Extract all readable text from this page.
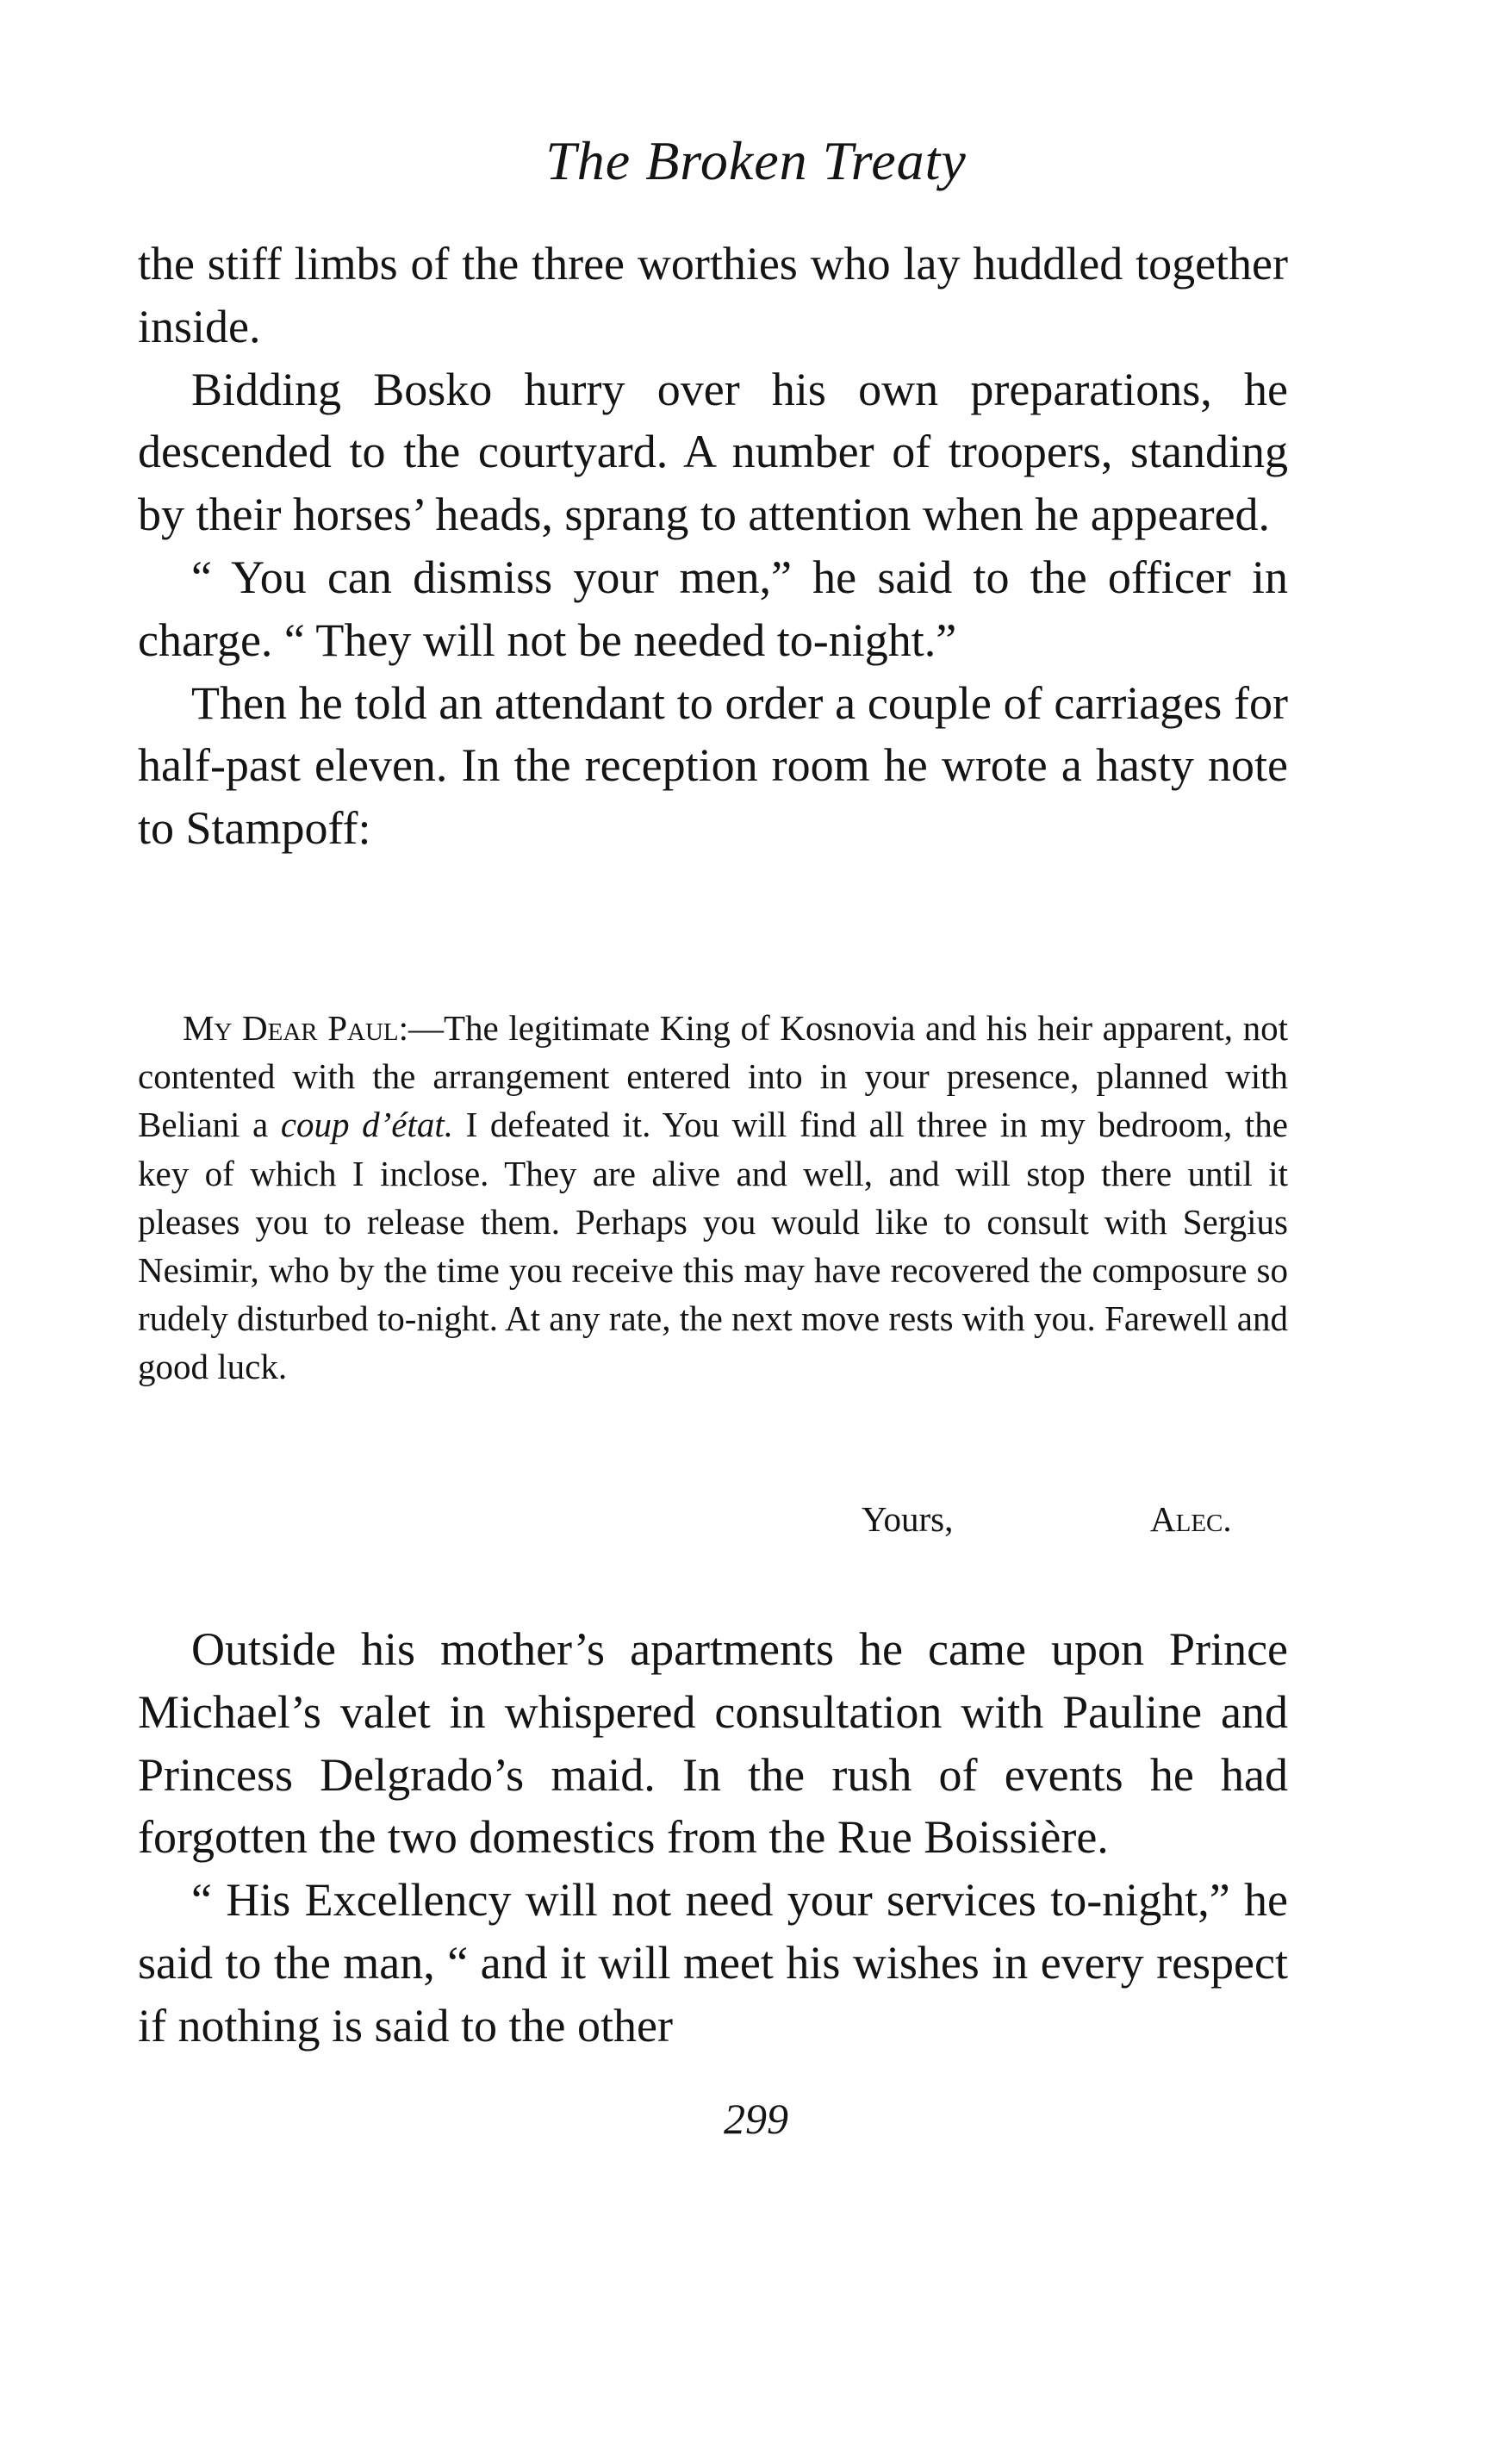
The Broken Treaty

the stiff limbs of the three worthies who lay huddled together inside.

Bidding Bosko hurry over his own preparations, he descended to the courtyard. A number of troopers, standing by their horses’ heads, sprang to attention when he appeared.

“ You can dismiss your men,” he said to the officer in charge. “ They will not be needed to-night.”

Then he told an attendant to order a couple of carriages for half-past eleven. In the reception room he wrote a hasty note to Stampoff:

My Dear Paul:—The legitimate King of Kosnovia and his heir apparent, not contented with the arrangement entered into in your presence, planned with Beliani a coup d’état. I defeated it. You will find all three in my bedroom, the key of which I inclose. They are alive and well, and will stop there until it pleases you to release them. Perhaps you would like to consult with Sergius Nesimir, who by the time you receive this may have recovered the composure so rudely disturbed to-night. At any rate, the next move rests with you. Farewell and good luck.

Yours,	Alec.

Outside his mother’s apartments he came upon Prince Michael’s valet in whispered consultation with Pauline and Princess Delgrado’s maid. In the rush of events he had forgotten the two domestics from the Rue Boissière.

“ His Excellency will not need your services to-night,” he said to the man, “ and it will meet his wishes in every respect if nothing is said to the other

299
